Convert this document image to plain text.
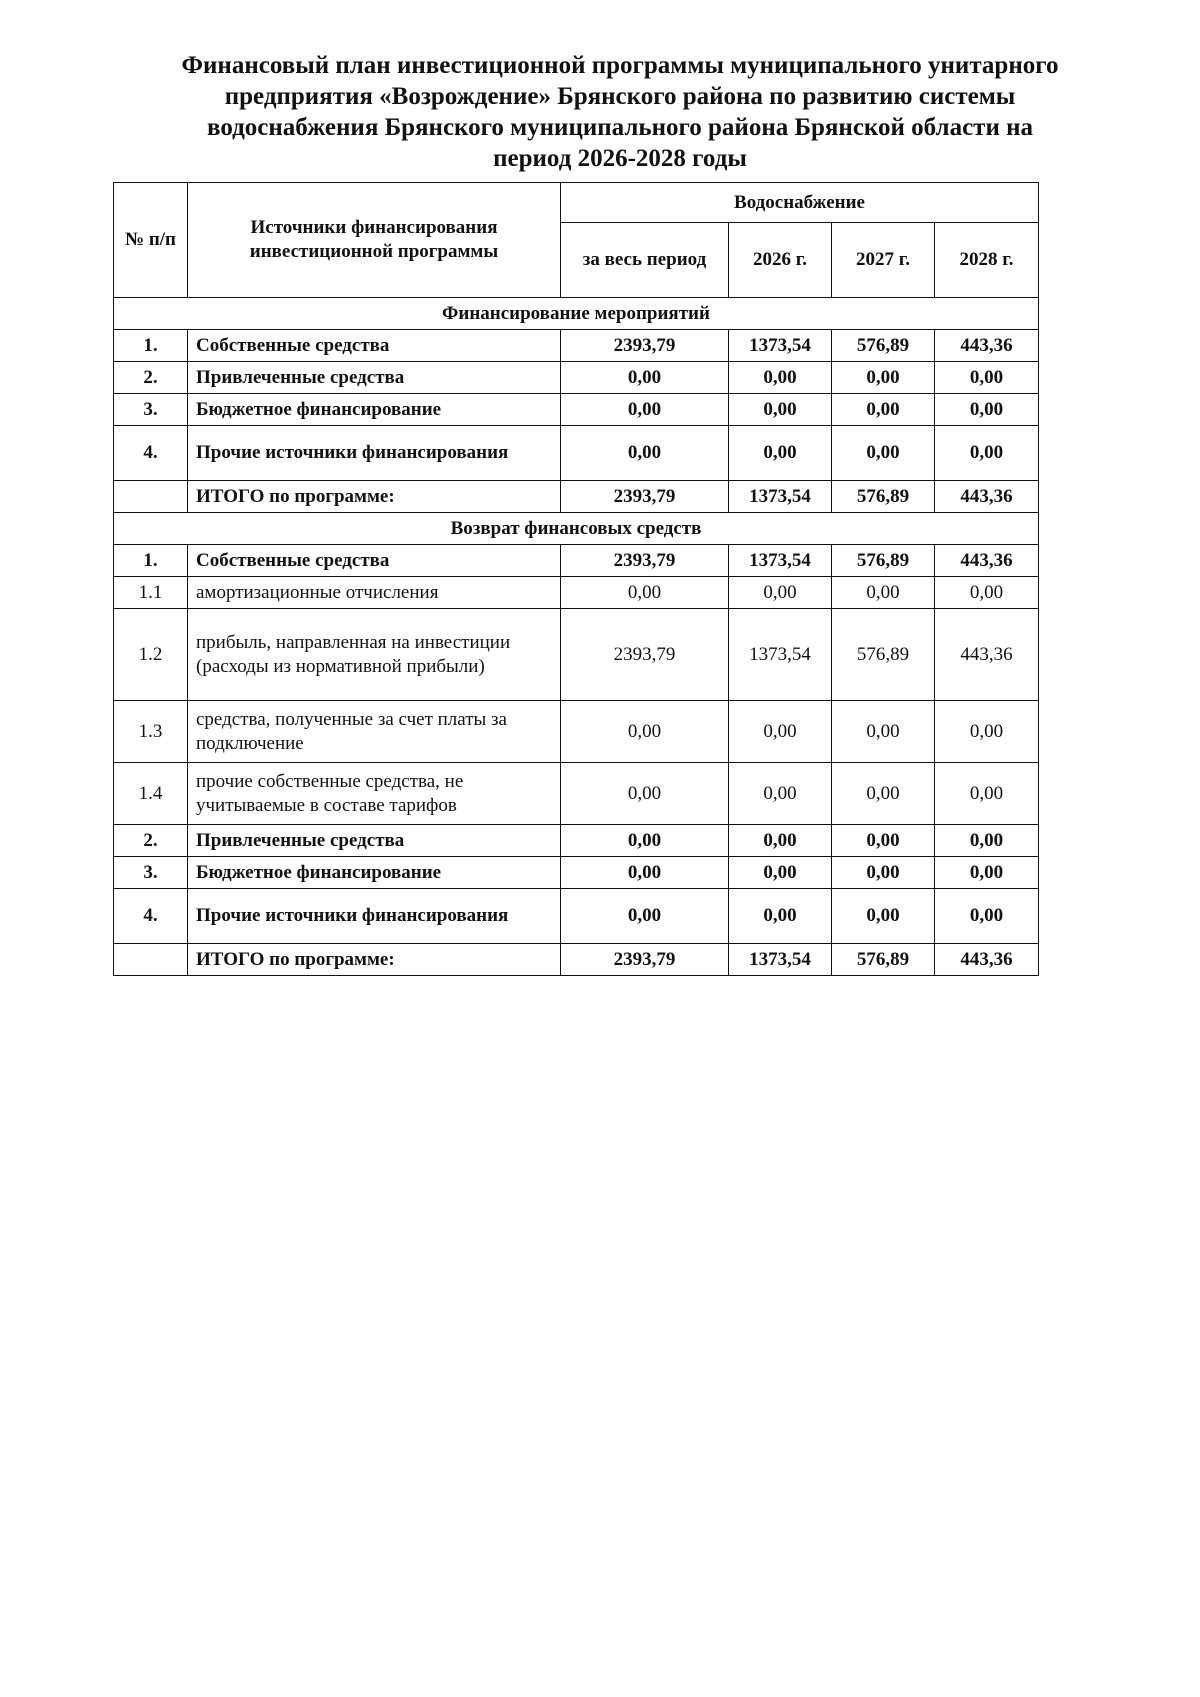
Финансовый план инвестиционной программы муниципального унитарного
предприятия «Возрождение» Брянского района по развитию системы
водоснабжения Брянского муниципального района Брянской области на
период 2026-2028 годы
№ п/п	Источники финансирования инвестиционной программы	Водоснабжение			
		за весь период	2026 г.	2027 г.	2028 г.
Финансирование мероприятий					
1.	Собственные средства	2393,79	1373,54	576,89	443,36
2.	Привлеченные средства	0,00	0,00	0,00	0,00
3.	Бюджетное финансирование	0,00	0,00	0,00	0,00
4.	Прочие источники финансирования	0,00	0,00	0,00	0,00
	ИТОГО по программе:	2393,79	1373,54	576,89	443,36
Возврат финансовых средств					
1.	Собственные средства	2393,79	1373,54	576,89	443,36
1.1	амортизационные отчисления	0,00	0,00	0,00	0,00
1.2	прибыль, направленная на инвестиции (расходы из нормативной прибыли)	2393,79	1373,54	576,89	443,36
1.3	средства, полученные за счет платы за подключение	0,00	0,00	0,00	0,00
1.4	прочие собственные средства, не учитываемые в составе тарифов	0,00	0,00	0,00	0,00
2.	Привлеченные средства	0,00	0,00	0,00	0,00
3.	Бюджетное финансирование	0,00	0,00	0,00	0,00
4.	Прочие источники финансирования	0,00	0,00	0,00	0,00
	ИТОГО по программе:	2393,79	1373,54	576,89	443,36
